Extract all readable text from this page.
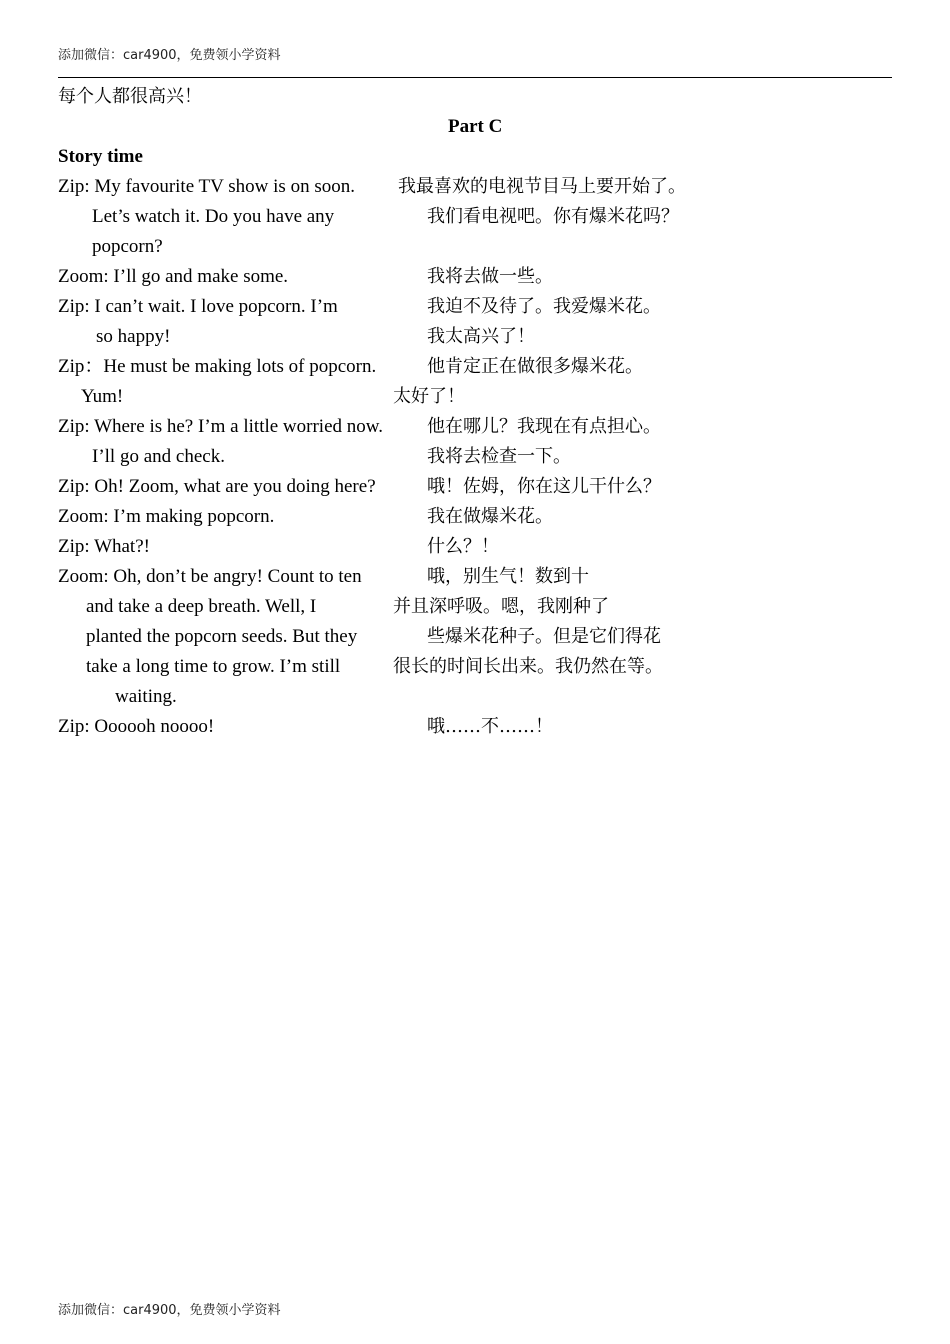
添加微信：car4900，免费领小学资料
每个人都很高兴！
Part C
Story time
Zip: My favourite TV show is on soon.
Let’s watch it. Do you have any
popcorn?
Zoom: I’ll go and make some.
Zip: I can’t wait. I love popcorn. I’m
so happy!
Zip：He must be making lots of popcorn.
Yum!
Zip: Where is he? I’m a little worried now.
I’ll go and check.
Zip: Oh! Zoom, what are you doing here?
Zoom: I’m making popcorn.
Zip: What?!
Zoom: Oh, don’t be angry! Count to ten
and take a deep breath. Well, I
planted the popcorn seeds. But they
take a long time to grow. I’m still
waiting.
Zip: Oooooh noooo!
我最喜欢的电视节目马上要开始了。
我们看电视吧。你有爆米花吗？
我将去做一些。
我迫不及待了。我爱爆米花。
我太高兴了！
他肯定正在做很多爆米花。
太好了！
他在哪儿？我现在有点担心。
我将去检查一下。
哦！佐姆，你在这儿干什么？
我在做爆米花。
什么？！
哦，别生气！数到十
并且深呼吸。嗯，我刚种了
些爆米花种子。但是它们得花
很长的时间长出来。我仍然在等。
哦……不……！
添加微信：car4900，免费领小学资料
